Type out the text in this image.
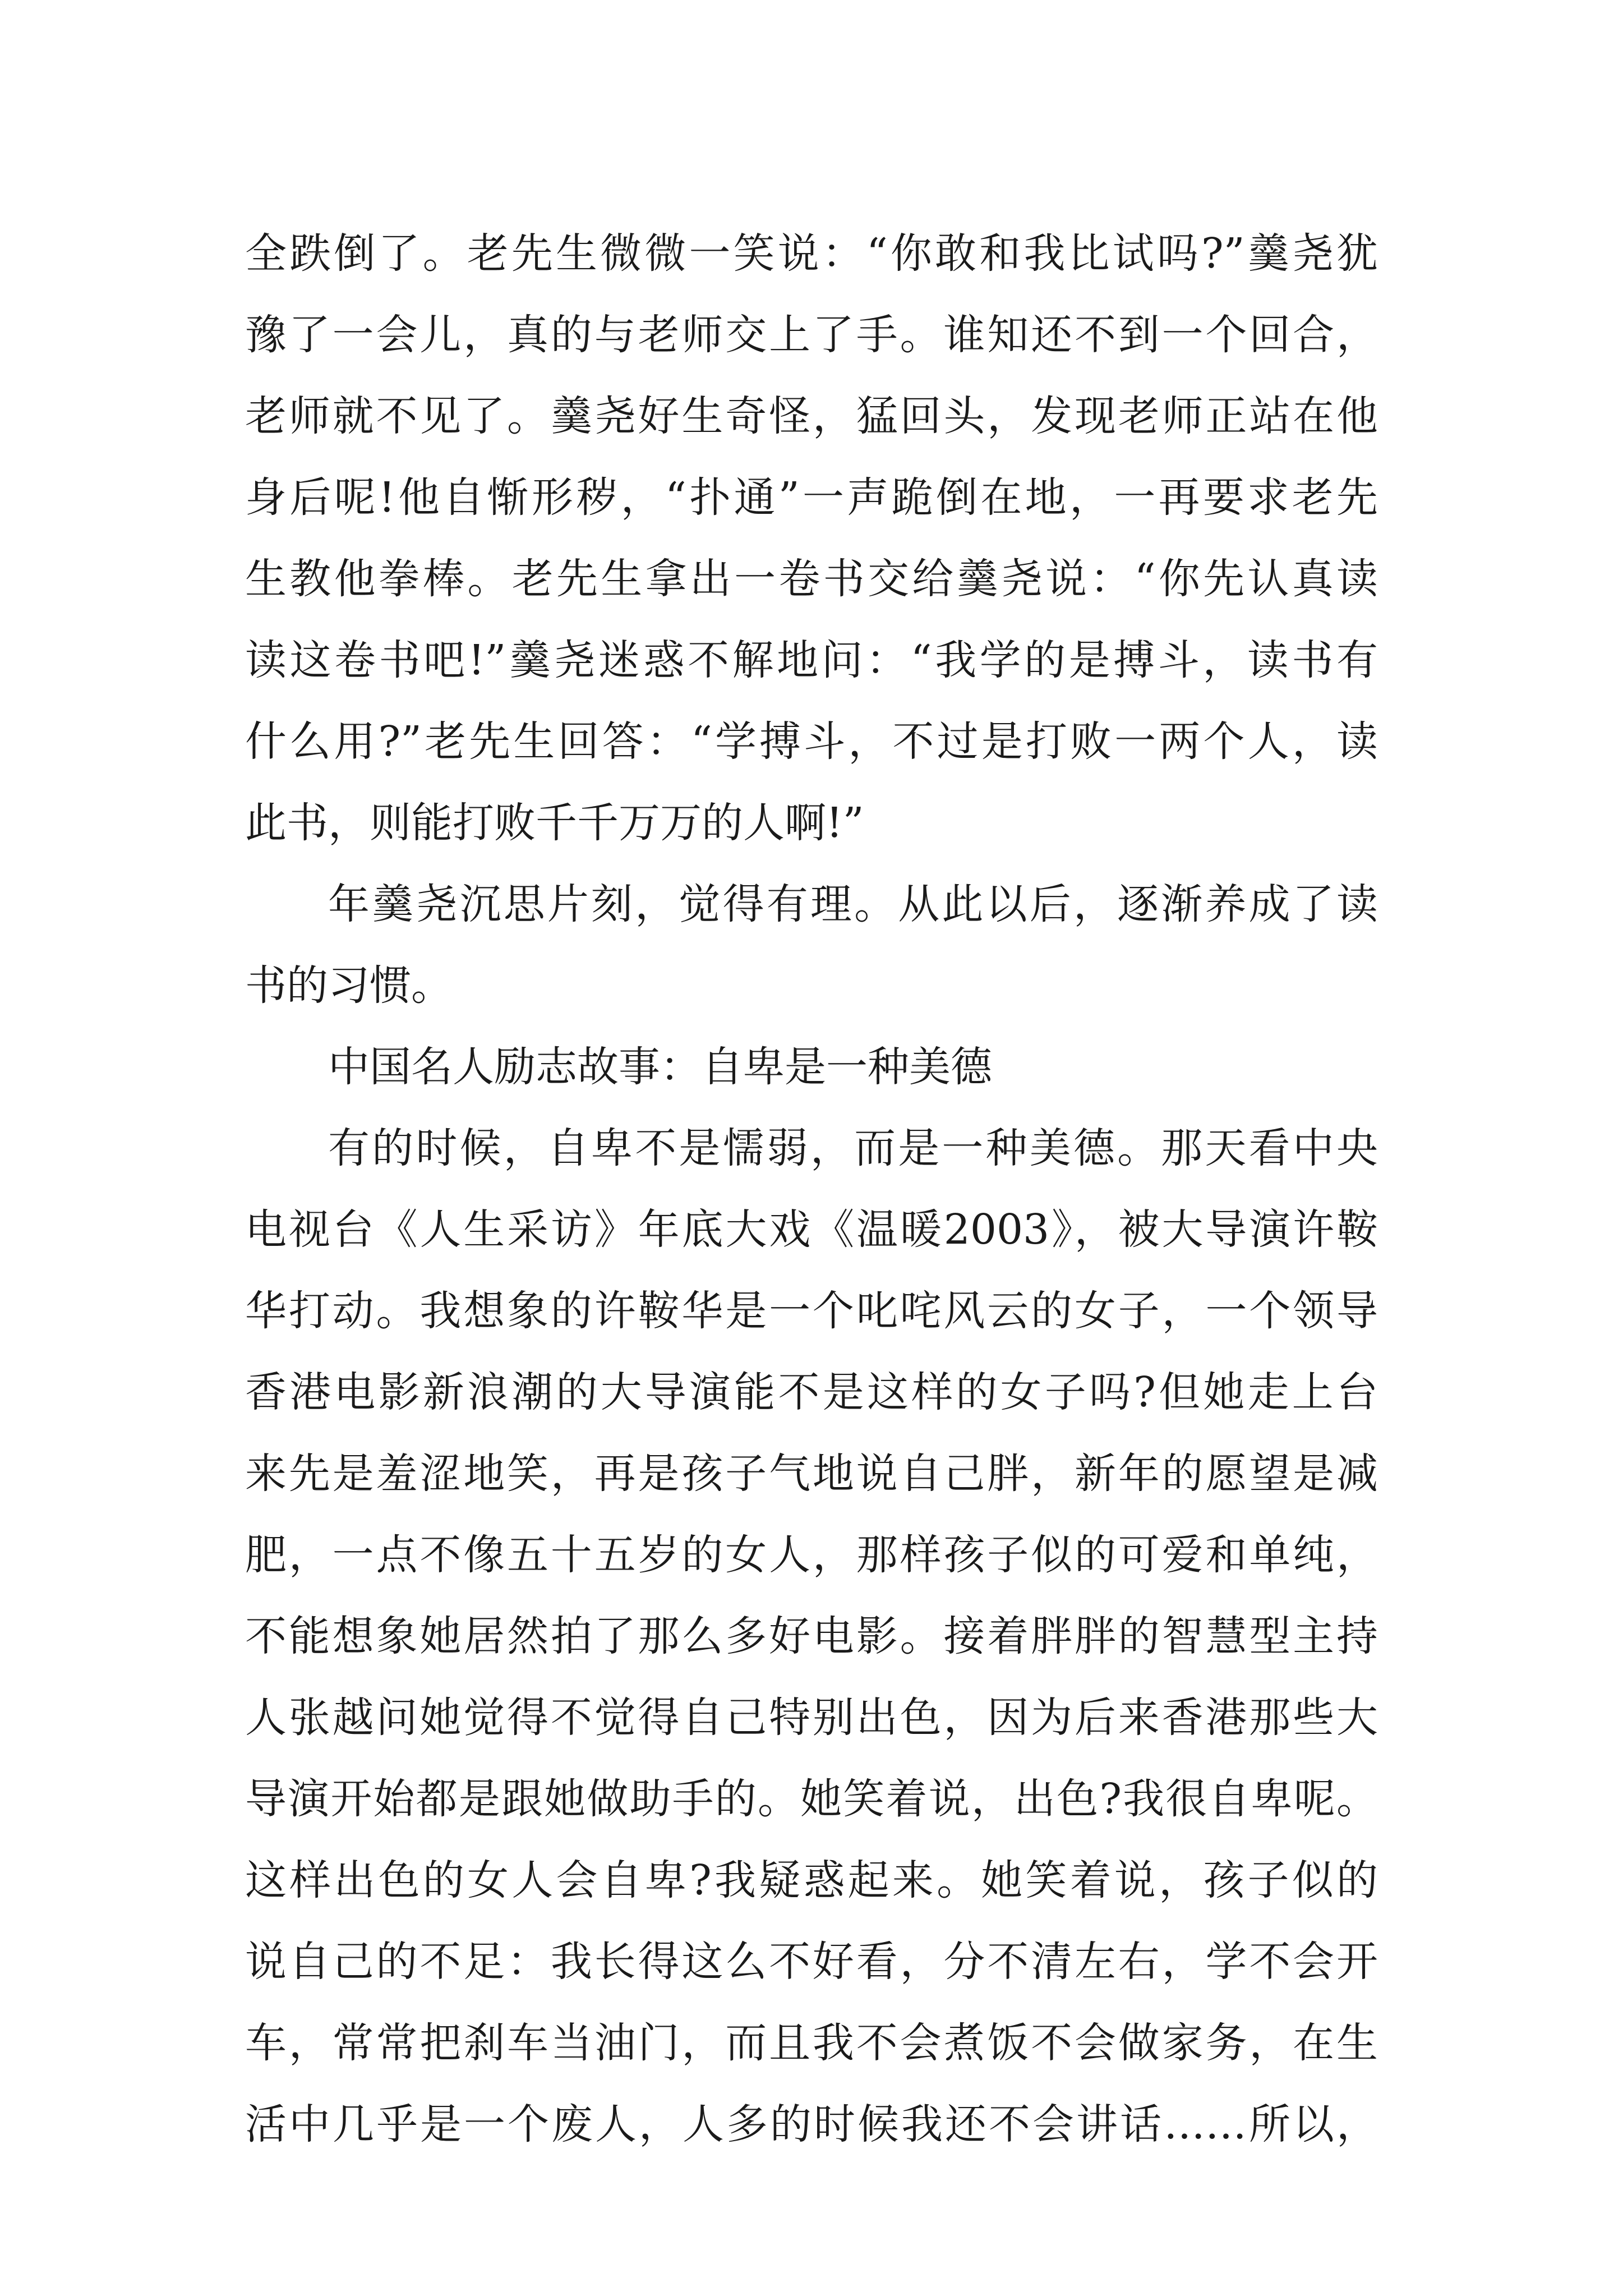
全跌倒了。老先生微微一笑说：“你敢和我比试吗?”羹尧犹
豫了一会儿，真的与老师交上了手。谁知还不到一个回合，
老师就不见了。羹尧好生奇怪，猛回头，发现老师正站在他
身后呢!他自惭形秽，“扑通”一声跪倒在地，一再要求老先
生教他拳棒。老先生拿出一卷书交给羹尧说：“你先认真读
读这卷书吧!”羹尧迷惑不解地问：“我学的是搏斗，读书有
什么用?”老先生回答：“学搏斗，不过是打败一两个人，读
此书，则能打败千千万万的人啊!”
年羹尧沉思片刻，觉得有理。从此以后，逐渐养成了读
书的习惯。
中国名人励志故事：自卑是一种美德
有的时候，自卑不是懦弱，而是一种美德。那天看中央
电视台《人生采访》年底大戏《温暖2003》，被大导演许鞍
华打动。我想象的许鞍华是一个叱咤风云的女子，一个领导
香港电影新浪潮的大导演能不是这样的女子吗?但她走上台
来先是羞涩地笑，再是孩子气地说自己胖，新年的愿望是减
肥，一点不像五十五岁的女人，那样孩子似的可爱和单纯，
不能想象她居然拍了那么多好电影。接着胖胖的智慧型主持
人张越问她觉得不觉得自己特别出色，因为后来香港那些大
导演开始都是跟她做助手的。她笑着说，出色?我很自卑呢。
这样出色的女人会自卑?我疑惑起来。她笑着说，孩子似的
说自己的不足：我长得这么不好看，分不清左右，学不会开
车，常常把刹车当油门，而且我不会煮饭不会做家务，在生
活中几乎是一个废人，人多的时候我还不会讲话……所以，
